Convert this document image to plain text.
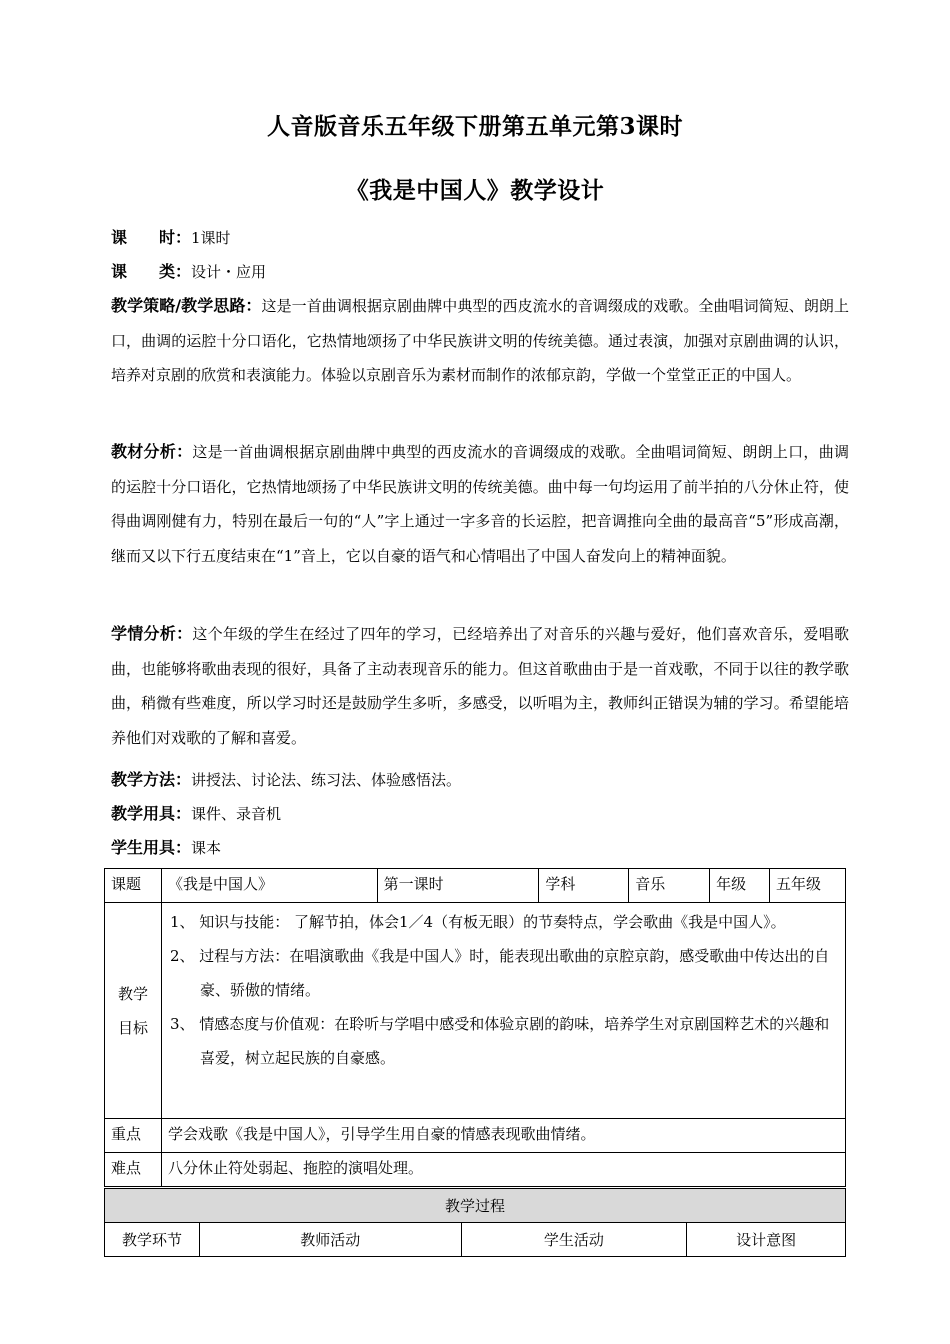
人音版音乐五年级下册第五单元第3课时
《我是中国人》教学设计
课　　时：1课时
课　　类：设计・应用
教学策略/教学思路：这是一首曲调根据京剧曲牌中典型的西皮流水的音调缀成的戏歌。全曲唱词简短、朗朗上口，曲调的运腔十分口语化，它热情地颂扬了中华民族讲文明的传统美德。通过表演，加强对京剧曲调的认识，培养对京剧的欣赏和表演能力。体验以京剧音乐为素材而制作的浓郁京韵，学做一个堂堂正正的中国人。
教材分析：这是一首曲调根据京剧曲牌中典型的西皮流水的音调缀成的戏歌。全曲唱词简短、朗朗上口，曲调的运腔十分口语化，它热情地颂扬了中华民族讲文明的传统美德。曲中每一句均运用了前半拍的八分休止符，使得曲调刚健有力，特别在最后一句的“人”字上通过一字多音的长运腔，把音调推向全曲的最高音“5”形成高潮，继而又以下行五度结束在“1”音上，它以自豪的语气和心情唱出了中国人奋发向上的精神面貌。
学情分析：这个年级的学生在经过了四年的学习，已经培养出了对音乐的兴趣与爱好，他们喜欢音乐，爱唱歌曲，也能够将歌曲表现的很好，具备了主动表现音乐的能力。但这首歌曲由于是一首戏歌，不同于以往的教学歌曲，稍微有些难度，所以学习时还是鼓励学生多听，多感受，以听唱为主，教师纠正错误为辅的学习。希望能培养他们对戏歌的了解和喜爱。
教学方法：讲授法、讨论法、练习法、体验感悟法。
教学用具：课件、录音机
学生用具：课本
课题	《我是中国人》	第一课时	学科	音乐	年级	五年级
教学目标	1、 知识与技能： 了解节拍，体会1／4（有板无眼）的节奏特点，学会歌曲《我是中国人》。
2、 过程与方法：在唱演歌曲《我是中国人》时，能表现出歌曲的京腔京韵，感受歌曲中传达出的自豪、骄傲的情绪。
3、 情感态度与价值观：在聆听与学唱中感受和体验京剧的韵味，培养学生对京剧国粹艺术的兴趣和喜爱，树立起民族的自豪感。					

重点	学会戏歌《我是中国人》，引导学生用自豪的情感表现歌曲情绪。					
难点	八分休止符处弱起、拖腔的演唱处理。					
教学过程
教学环节	教师活动	学生活动	设计意图
